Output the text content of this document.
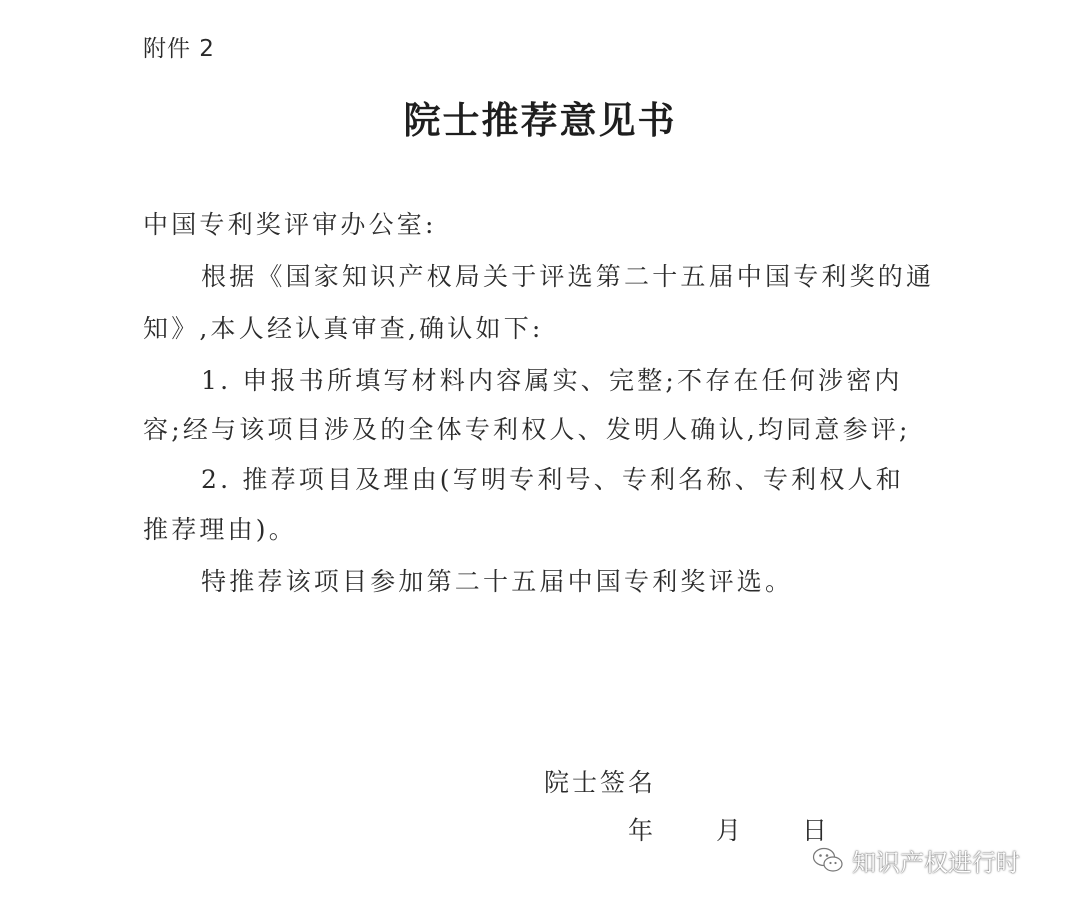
附件 2
院士推荐意见书
中国专利奖评审办公室:
根据《国家知识产权局关于评选第二十五届中国专利奖的通
知》,本人经认真审查,确认如下:
1. 申报书所填写材料内容属实、完整;不存在任何涉密内
容;经与该项目涉及的全体专利权人、发明人确认,均同意参评;
2. 推荐项目及理由(写明专利号、专利名称、专利权人和
推荐理由)。
特推荐该项目参加第二十五届中国专利奖评选。
院士签名
年	月 日
知识产权进行时
